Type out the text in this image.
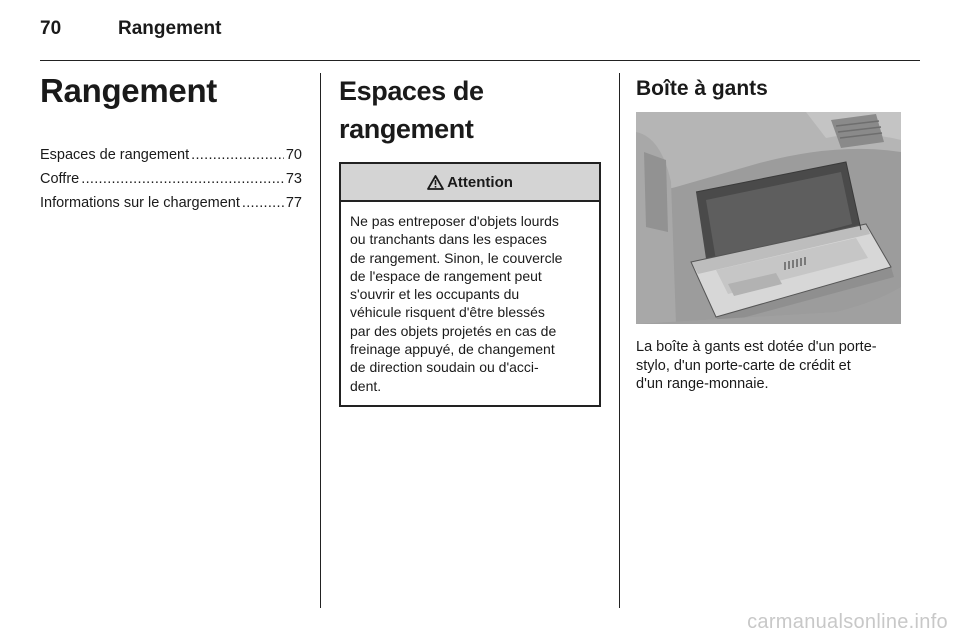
70	Rangement
Rangement
Espaces de rangement .....	70
Coffre .....	73
Informations sur le chargement .....	77
Espaces de rangement
Attention
Ne pas entreposer d'objets lourds
ou tranchants dans les espaces
de rangement. Sinon, le couvercle
de l'espace de rangement peut
s'ouvrir et les occupants du
véhicule risquent d'être blessés
par des objets projetés en cas de
freinage appuyé, de changement
de direction soudain ou d'acci-
dent.
Boîte à gants
La boîte à gants est dotée d'un porte-
stylo, d'un porte-carte de crédit et
d'un range-monnaie.
carmanualsonline.info
